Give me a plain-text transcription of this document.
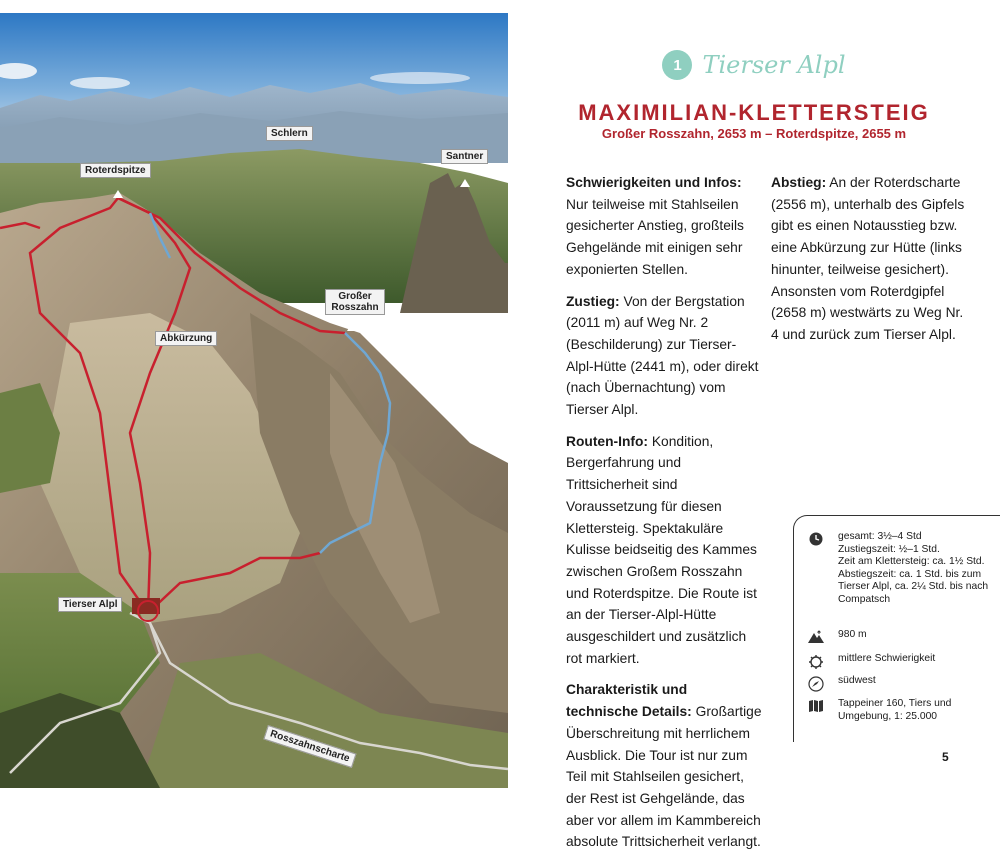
Schlern
Santner
Roterdspitze
Großer Rosszahn
Abkürzung
Tierser Alpl
Rosszahnscharte
1 Tierser Alpl
MAXIMILIAN-KLETTERSTEIG
Großer Rosszahn, 2653 m – Roterdspitze, 2655 m

Schwierigkeiten und Infos:
Nur teilweise mit Stahlseilen gesicherter Anstieg, großteils Gehgelände mit einigen sehr exponierten Stellen.

Zustieg: Von der Bergstation (2011 m) auf Weg Nr. 2 (Beschilderung) zur Tierser-Alpl-Hütte (2441 m), oder direkt (nach Übernachtung) vom Tierser Alpl.

Routen-Info: Kondition, Bergerfahrung und Trittsicherheit sind Voraussetzung für diesen Klettersteig. Spektakuläre Kulisse beidseitig des Kammes zwischen Großem Rosszahn und Roterdspitze. Die Route ist an der Tierser-Alpl-Hütte ausgeschildert und zusätzlich rot markiert.

Charakteristik und technische Details: Großartige Überschreitung mit herrlichem Ausblick. Die Tour ist nur zum Teil mit Stahlseilen gesichert, der Rest ist Gehgelände, das aber vor allem im Kammbereich absolute Trittsicherheit verlangt.

Abstieg: An der Roterdscharte (2556 m), unterhalb des Gipfels gibt es einen Notausstieg bzw. eine Abkürzung zur Hütte (links hinunter, teilweise gesichert). Ansonsten vom Roterdgipfel (2658 m) westwärts zu Weg Nr. 4 und zurück zum Tierser Alpl.

gesamt: 3½–4 Std
Zustiegszeit: ½–1 Std.
Zeit am Klettersteig: ca. 1½ Std.
Abstiegszeit: ca. 1 Std. bis zum Tierser Alpl, ca. 2¼ Std. bis nach Compatsch
980 m
mittlere Schwierigkeit
südwest
Tappeiner 160, Tiers und Umgebung, 1: 25.000
5
